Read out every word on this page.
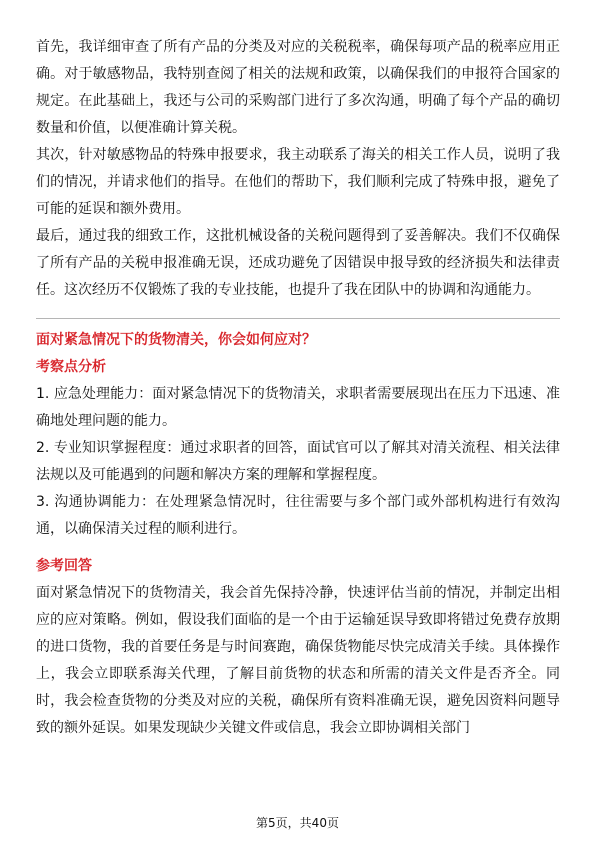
首先，我详细审查了所有产品的分类及对应的关税税率，确保每项产品的税率应用正确。对于敏感物品，我特别查阅了相关的法规和政策，以确保我们的申报符合国家的规定。在此基础上，我还与公司的采购部门进行了多次沟通，明确了每个产品的确切数量和价值，以便准确计算关税。

其次，针对敏感物品的特殊申报要求，我主动联系了海关的相关工作人员，说明了我们的情况，并请求他们的指导。在他们的帮助下，我们顺利完成了特殊申报，避免了可能的延误和额外费用。

最后，通过我的细致工作，这批机械设备的关税问题得到了妥善解决。我们不仅确保了所有产品的关税申报准确无误，还成功避免了因错误申报导致的经济损失和法律责任。这次经历不仅锻炼了我的专业技能，也提升了我在团队中的协调和沟通能力。

面对紧急情况下的货物清关，你会如何应对？

考察点分析

1. 应急处理能力：面对紧急情况下的货物清关，求职者需要展现出在压力下迅速、准确地处理问题的能力。

2. 专业知识掌握程度：通过求职者的回答，面试官可以了解其对清关流程、相关法律法规以及可能遇到的问题和解决方案的理解和掌握程度。

3. 沟通协调能力：在处理紧急情况时，往往需要与多个部门或外部机构进行有效沟通，以确保清关过程的顺利进行。

参考回答

面对紧急情况下的货物清关，我会首先保持冷静，快速评估当前的情况，并制定出相应的应对策略。例如，假设我们面临的是一个由于运输延误导致即将错过免费存放期的进口货物，我的首要任务是与时间赛跑，确保货物能尽快完成清关手续。具体操作上，我会立即联系海关代理，了解目前货物的状态和所需的清关文件是否齐全。同时，我会检查货物的分类及对应的关税，确保所有资料准确无误，避免因资料问题导致的额外延误。如果发现缺少关键文件或信息，我会立即协调相关部门

第5页，共40页
